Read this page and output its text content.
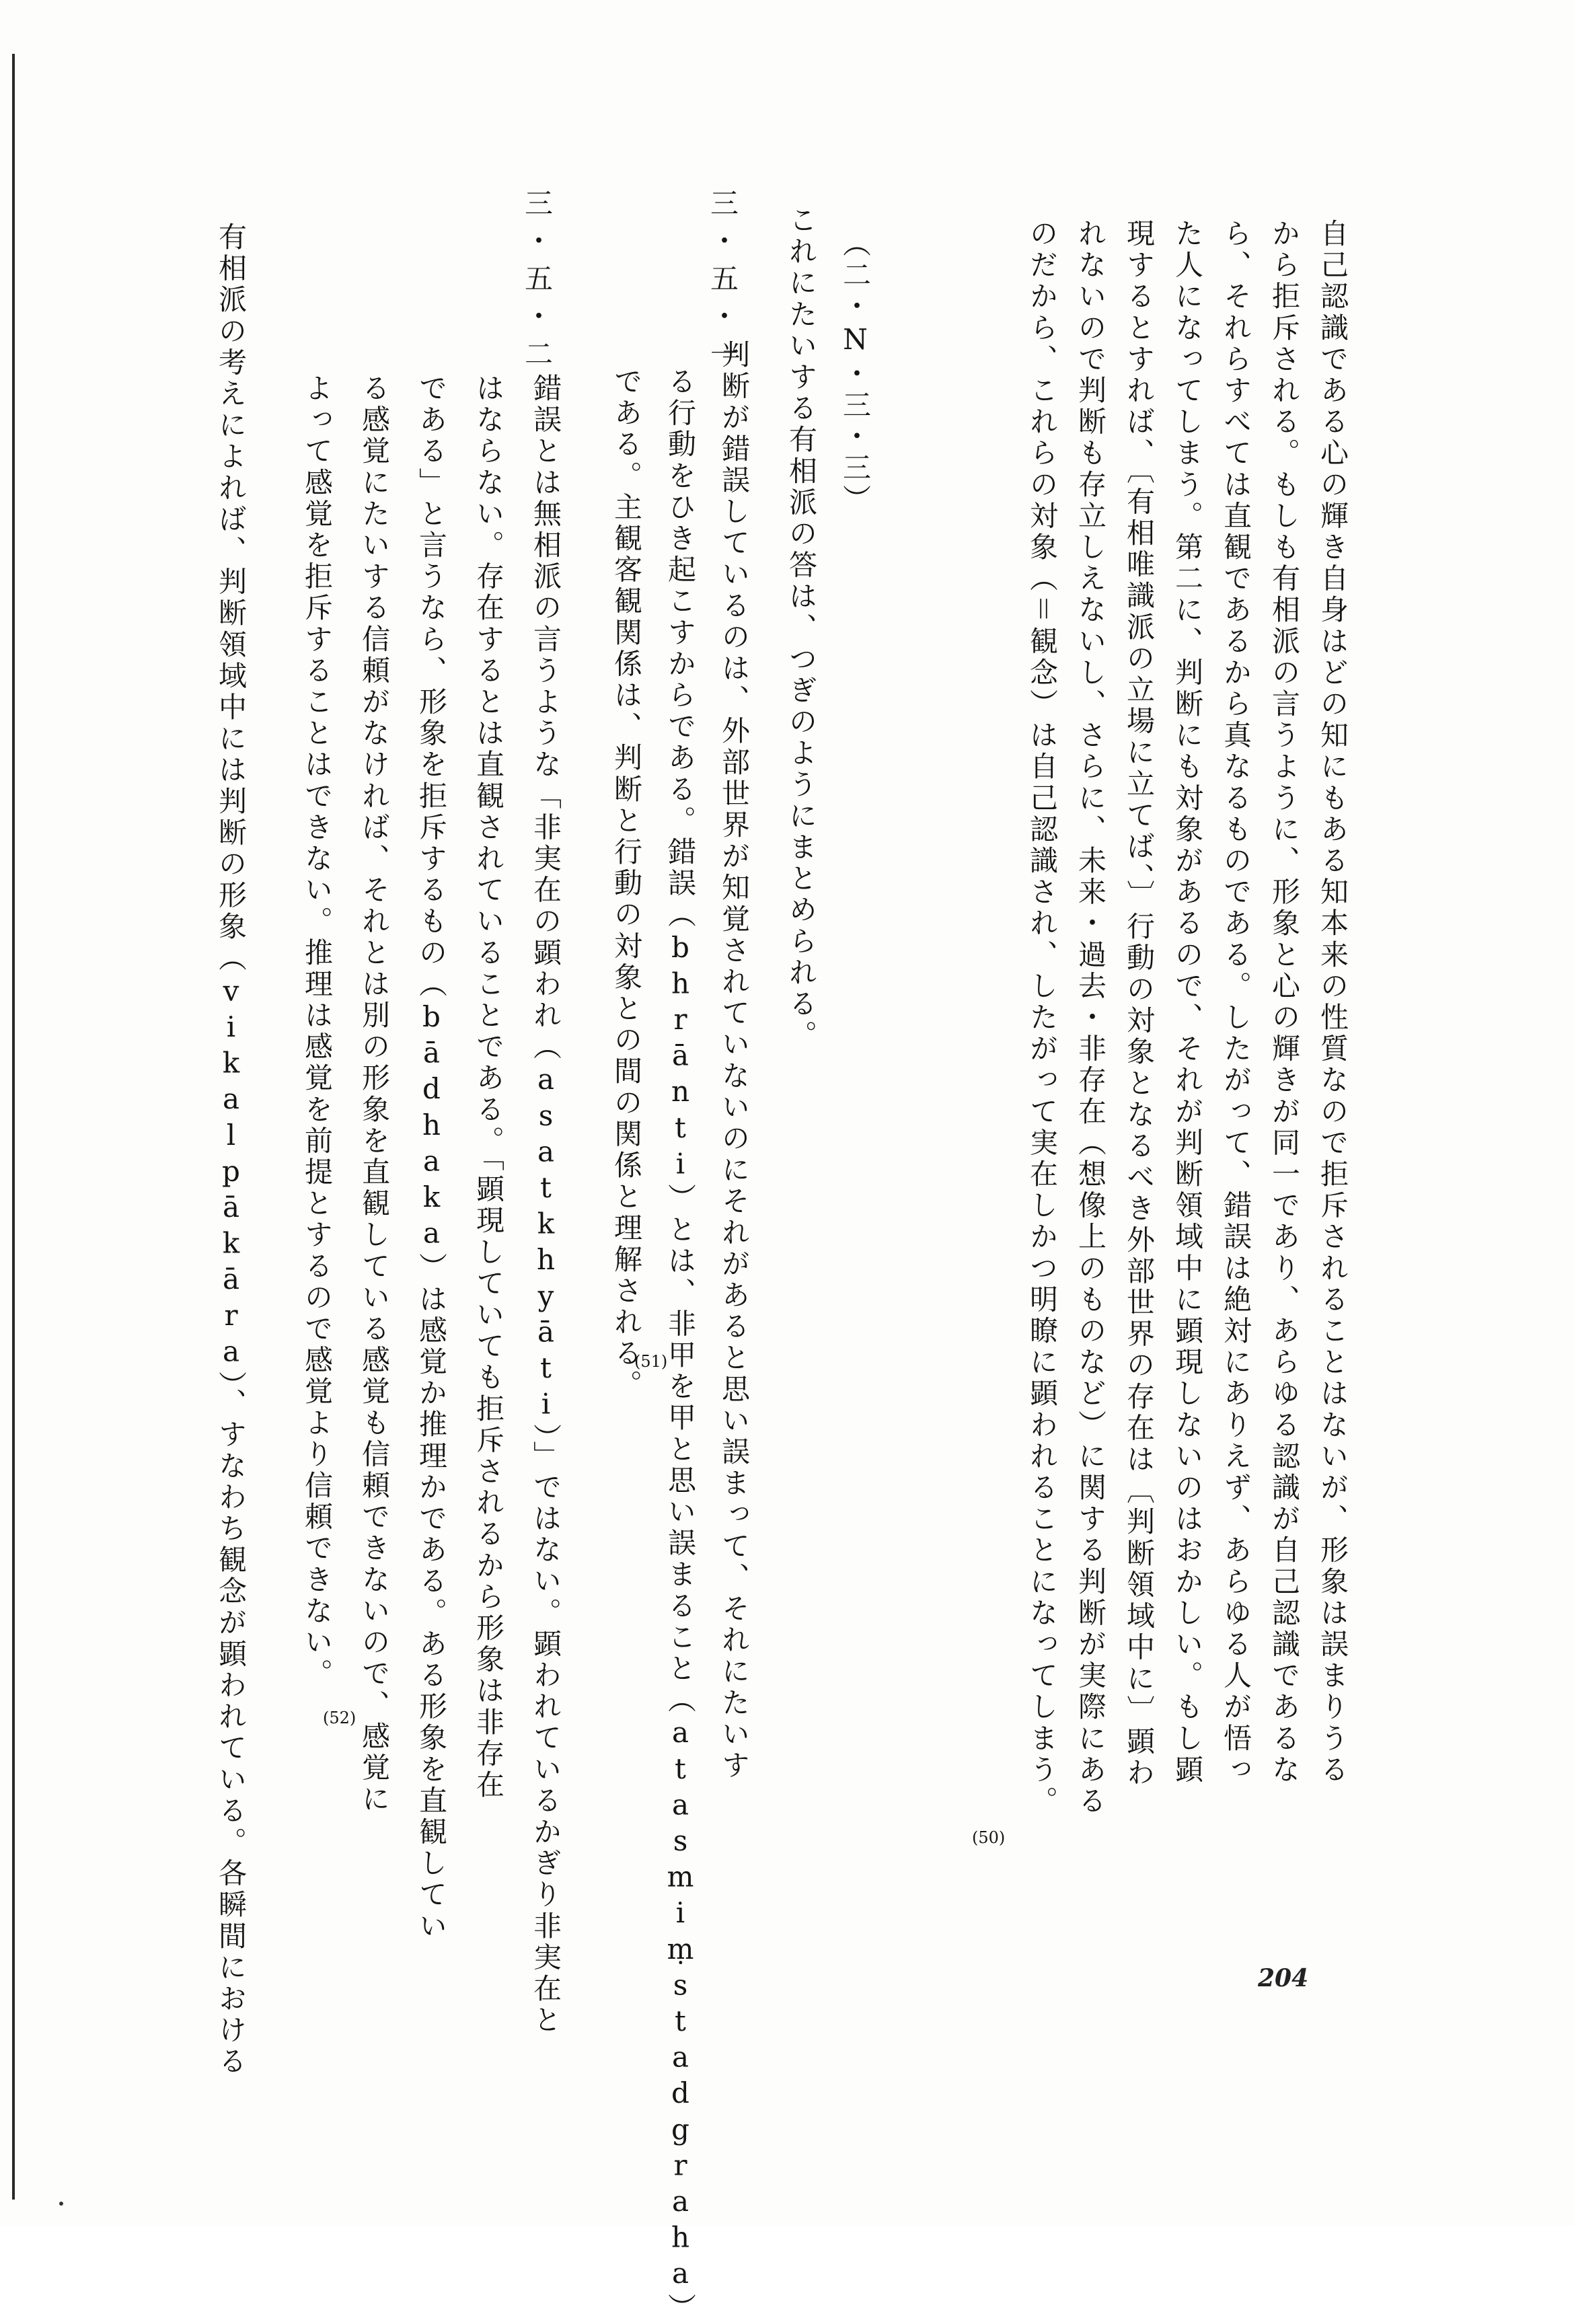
自己認識である心の輝き自身はどの知にもある知本来の性質なので拒斥されることはないが、形象は誤まりうる
から拒斥される。もしも有相派の言うように、形象と心の輝きが同一であり、あらゆる認識が自己認識であるな
ら、それらすべては直観であるから真なるものである。したがって、錯誤は絶対にありえず、あらゆる人が悟っ
た人になってしまう。第二に、判断にも対象があるので、それが判断領域中に顕現しないのはおかしい。もし顕
現するとすれば、〔有相唯識派の立場に立てば、〕行動の対象となるべき外部世界の存在は〔判断領域中に〕顕わ
れないので判断も存立しえないし、さらに、未来・過去・非存在（想像上のものなど）に関する判断が実際にある
のだから、これらの対象（＝観念）は自己認識され、したがって実在しかつ明瞭に顕われることになってしまう。
(50)
（二・N・三・三）
これにたいする有相派の答は、つぎのようにまとめられる。
三・五・一
判断が錯誤しているのは、外部世界が知覚されていないのにそれがあると思い誤まって、それにたいす
る行動をひき起こすからである。錯誤（bhrānti）とは、非甲を甲と思い誤まること（atasmiṃstadgraha）
である。主観客観関係は、判断と行動の対象との間の関係と理解される。
(51)
三・五・二
錯誤とは無相派の言うような「非実在の顕われ（asatkhyāti）」ではない。顕われているかぎり非実在と
はならない。存在するとは直観されていることである。「顕現していても拒斥されるから形象は非存在
である」と言うなら、形象を拒斥するもの（bādhaka）は感覚か推理かである。ある形象を直観してい
る感覚にたいする信頼がなければ、それとは別の形象を直観している感覚も信頼できないので、感覚に
よって感覚を拒斥することはできない。推理は感覚を前提とするので感覚より信頼できない。
(52)
有相派の考えによれば、判断領域中には判断の形象（vikalpākāra）、すなわち観念が顕われている。各瞬間における	204
